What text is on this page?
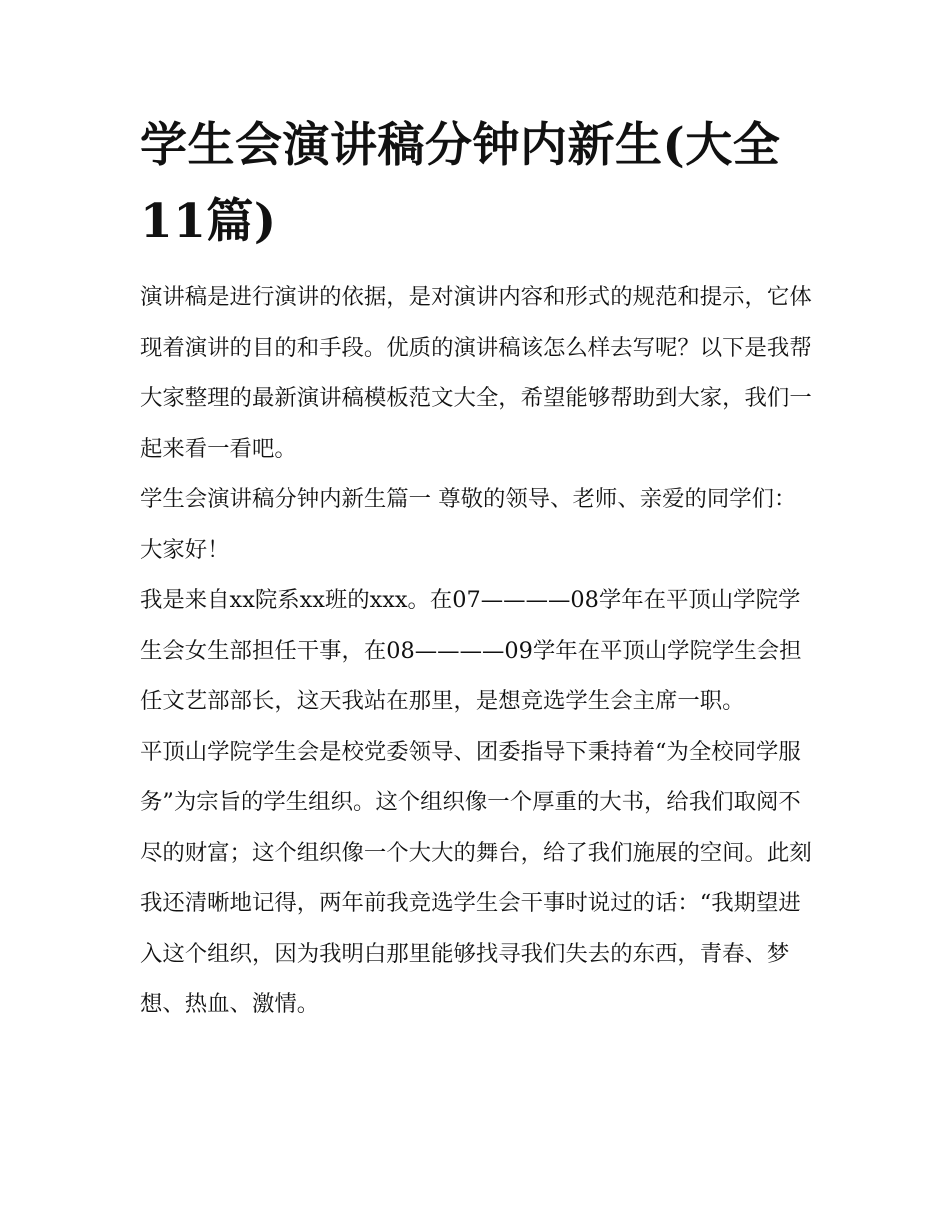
学生会演讲稿分钟内新生(大全11篇)

演讲稿是进行演讲的依据，是对演讲内容和形式的规范和提示，它体现着演讲的目的和手段。优质的演讲稿该怎么样去写呢？以下是我帮大家整理的最新演讲稿模板范文大全，希望能够帮助到大家，我们一起来看一看吧。

学生会演讲稿分钟内新生篇一 尊敬的领导、老师、亲爱的同学们： 大家好！

我是来自xx院系xx班的xxx。在07————08学年在平顶山学院学生会女生部担任干事，在08————09学年在平顶山学院学生会担任文艺部部长，这天我站在那里，是想竞选学生会主席一职。

平顶山学院学生会是校党委领导、团委指导下秉持着“为全校同学服务”为宗旨的学生组织。这个组织像一个厚重的大书，给我们取阅不尽的财富；这个组织像一个大大的舞台，给了我们施展的空间。此刻我还清晰地记得，两年前我竞选学生会干事时说过的话：“我期望进入这个组织，因为我明白那里能够找寻我们失去的东西，青春、梦想、热血、激情。
